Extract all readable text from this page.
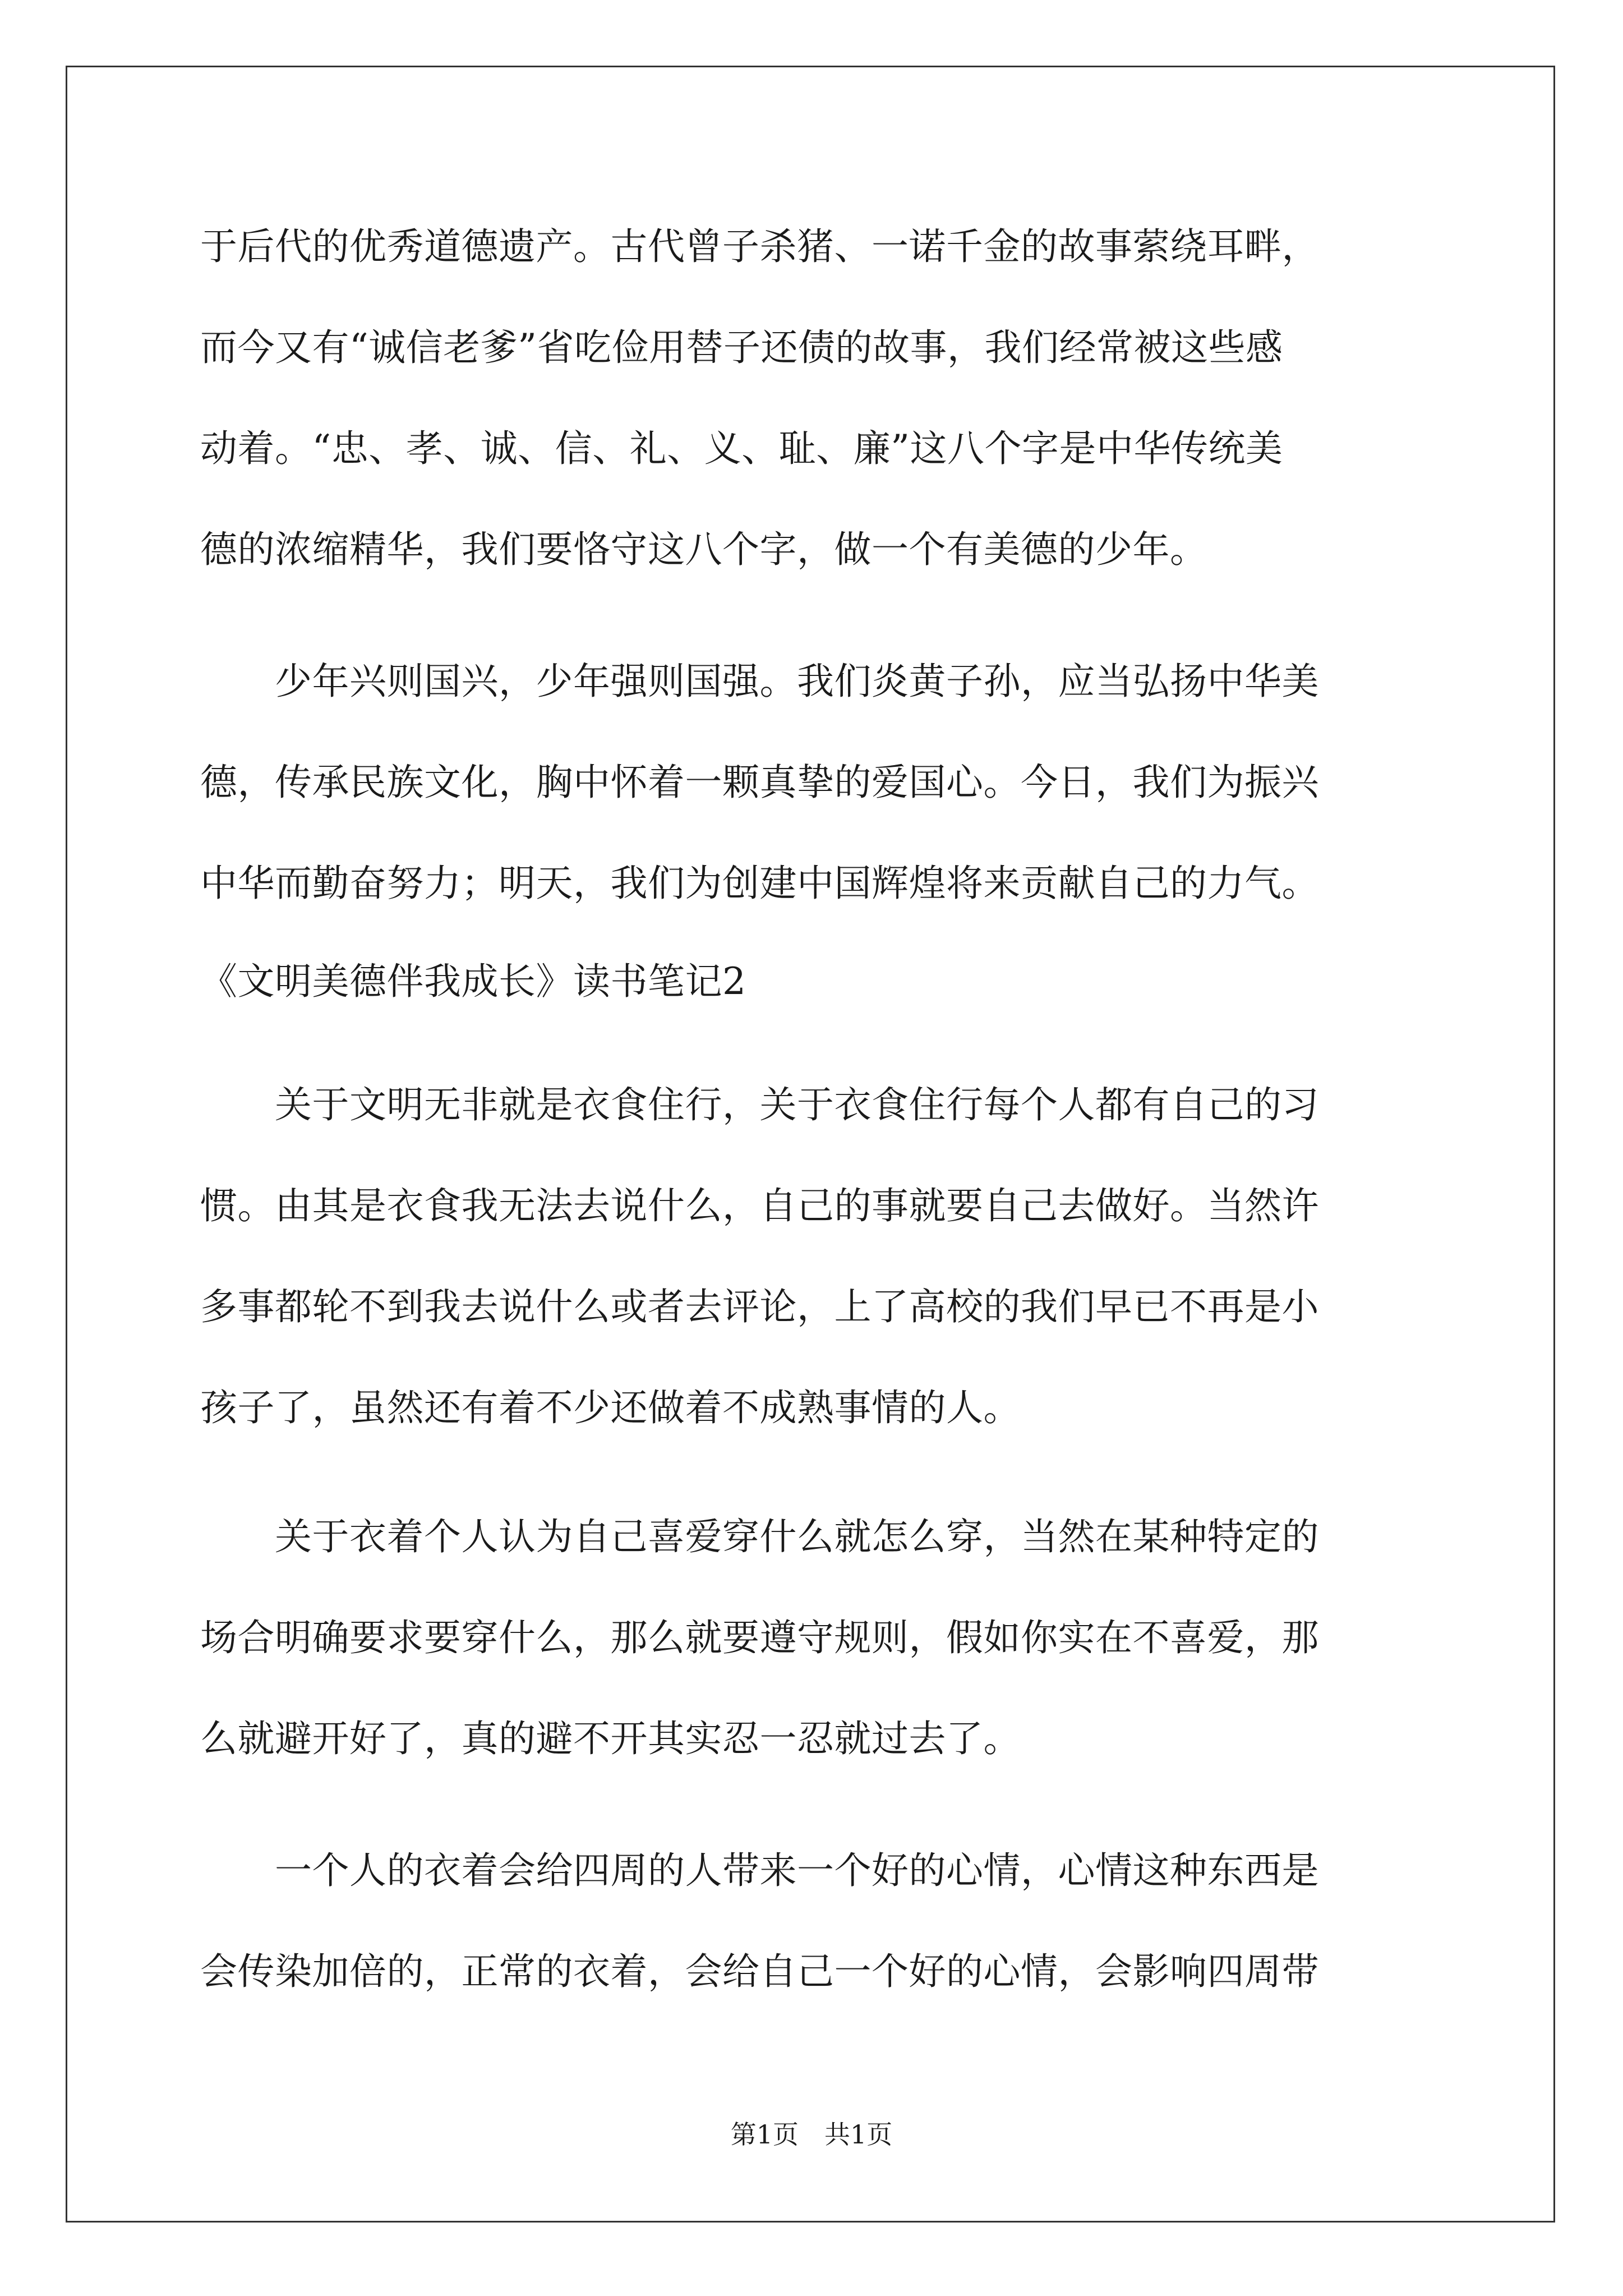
于后代的优秀道德遗产。古代曾子杀猪、一诺千金的故事萦绕耳畔，
而今又有“诚信老爹”省吃俭用替子还债的故事，我们经常被这些感
动着。“忠、孝、诚、信、礼、义、耻、廉”这八个字是中华传统美
德的浓缩精华，我们要恪守这八个字，做一个有美德的少年。
　　少年兴则国兴，少年强则国强。我们炎黄子孙，应当弘扬中华美
德，传承民族文化，胸中怀着一颗真挚的爱国心。今日，我们为振兴
中华而勤奋努力；明天，我们为创建中国辉煌将来贡献自己的力气。
《文明美德伴我成长》读书笔记2
　　关于文明无非就是衣食住行，关于衣食住行每个人都有自己的习
惯。由其是衣食我无法去说什么，自己的事就要自己去做好。当然许
多事都轮不到我去说什么或者去评论，上了高校的我们早已不再是小
孩子了，虽然还有着不少还做着不成熟事情的人。
　　关于衣着个人认为自己喜爱穿什么就怎么穿，当然在某种特定的
场合明确要求要穿什么，那么就要遵守规则，假如你实在不喜爱，那
么就避开好了，真的避不开其实忍一忍就过去了。
　　一个人的衣着会给四周的人带来一个好的心情，心情这种东西是
会传染加倍的，正常的衣着，会给自己一个好的心情，会影响四周带
第1页　共1页
